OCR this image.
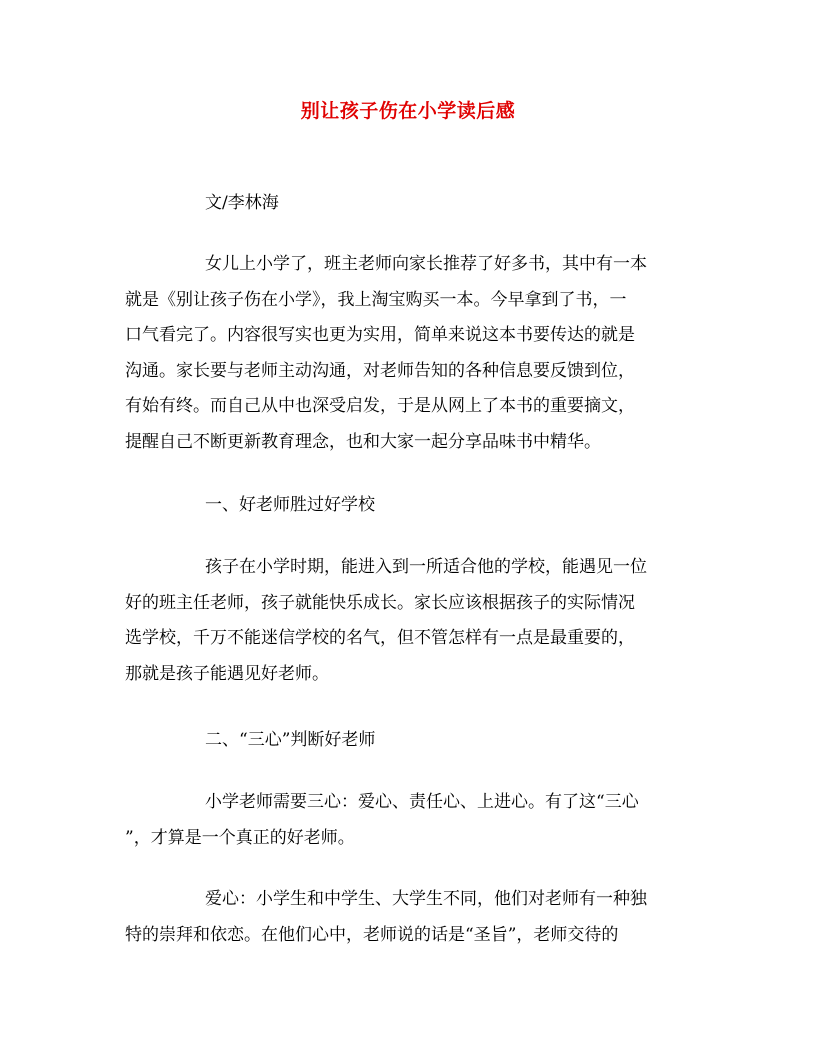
别让孩子伤在小学读后感
文/李林海
女儿上小学了，班主老师向家长推荐了好多书，其中有一本
就是《别让孩子伤在小学》，我上淘宝购买一本。今早拿到了书，一
口气看完了。内容很写实也更为实用，简单来说这本书要传达的就是
沟通。家长要与老师主动沟通，对老师告知的各种信息要反馈到位，
有始有终。而自己从中也深受启发，于是从网上了本书的重要摘文，
提醒自己不断更新教育理念，也和大家一起分享品味书中精华。
一、好老师胜过好学校
孩子在小学时期，能进入到一所适合他的学校，能遇见一位
好的班主任老师，孩子就能快乐成长。家长应该根据孩子的实际情况
选学校，千万不能迷信学校的名气，但不管怎样有一点是最重要的，
那就是孩子能遇见好老师。
二、“三心”判断好老师
小学老师需要三心：爱心、责任心、上进心。有了这“三心
”，才算是一个真正的好老师。
爱心：小学生和中学生、大学生不同，他们对老师有一种独
特的崇拜和依恋。在他们心中，老师说的话是“圣旨”，老师交待的
